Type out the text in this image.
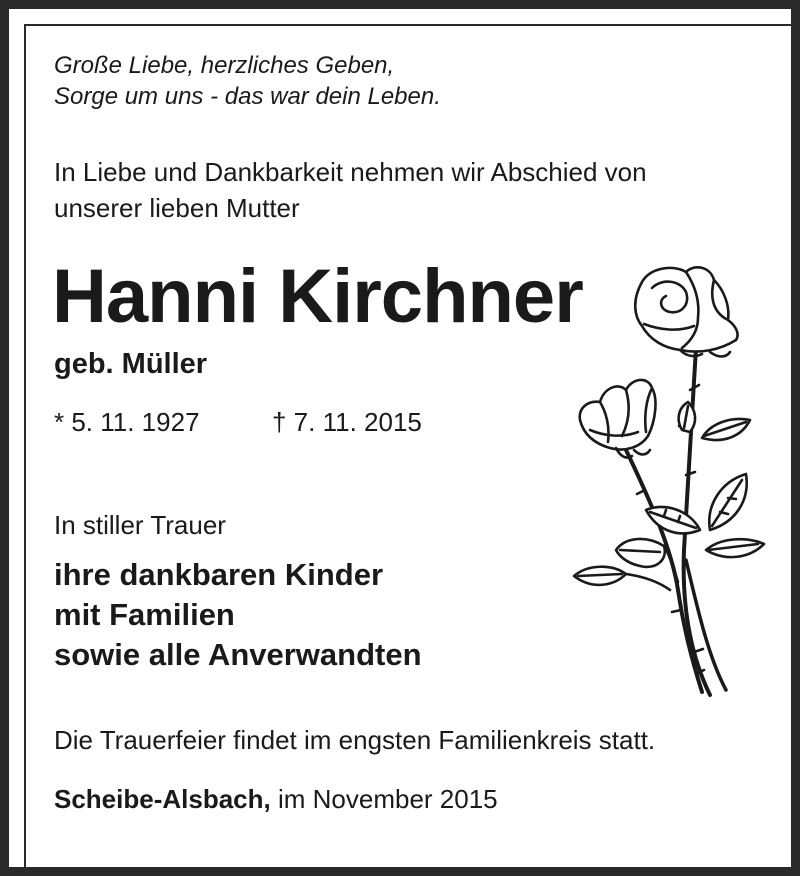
Große Liebe, herzliches Geben,
Sorge um uns - das war dein Leben.
In Liebe und Dankbarkeit nehmen wir Abschied von
unserer lieben Mutter
Hanni Kirchner
geb. Müller
* 5. 11. 1927	† 7. 11. 2015
In stiller Trauer
ihre dankbaren Kinder
mit Familien
sowie alle Anverwandten
Die Trauerfeier findet im engsten Familienkreis statt.
Scheibe-Alsbach, im November 2015
